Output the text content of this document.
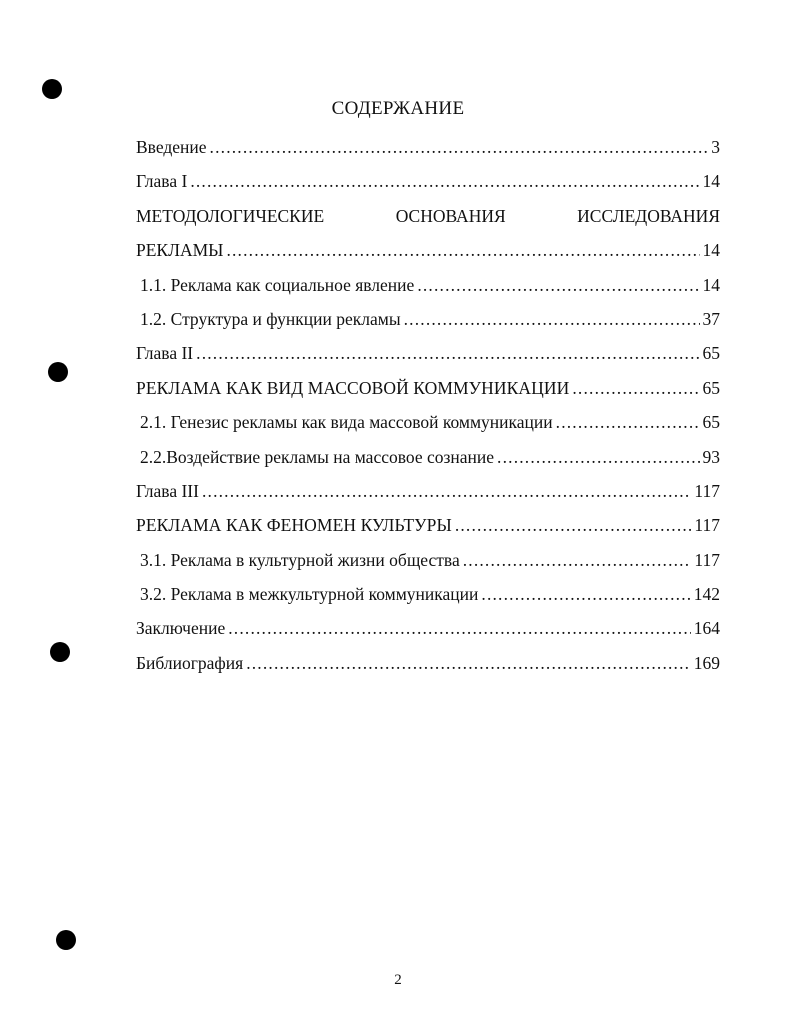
СОДЕРЖАНИЕ
Введение . . .	3
Глава I . . .	14
МЕТОДОЛОГИЧЕСКИЕ	ОСНОВАНИЯ	ИССЛЕДОВАНИЯ
РЕКЛАМЫ . . .	14
1.1. Реклама как социальное явление . . .	14
1.2. Структура и функции рекламы . . .	37
Глава II . . .	65
РЕКЛАМА КАК ВИД МАССОВОЙ КОММУНИКАЦИИ . . .	65
2.1. Генезис рекламы как вида массовой коммуникации . . .	65
2.2.Воздействие рекламы на массовое сознание . . .	93
Глава III . . .	117
РЕКЛАМА КАК ФЕНОМЕН КУЛЬТУРЫ . . .	117
3.1. Реклама в культурной жизни общества . . .	117
3.2. Реклама в межкультурной коммуникации . . .	142
Заключение . . .	164
Библиография . . .	169
2
